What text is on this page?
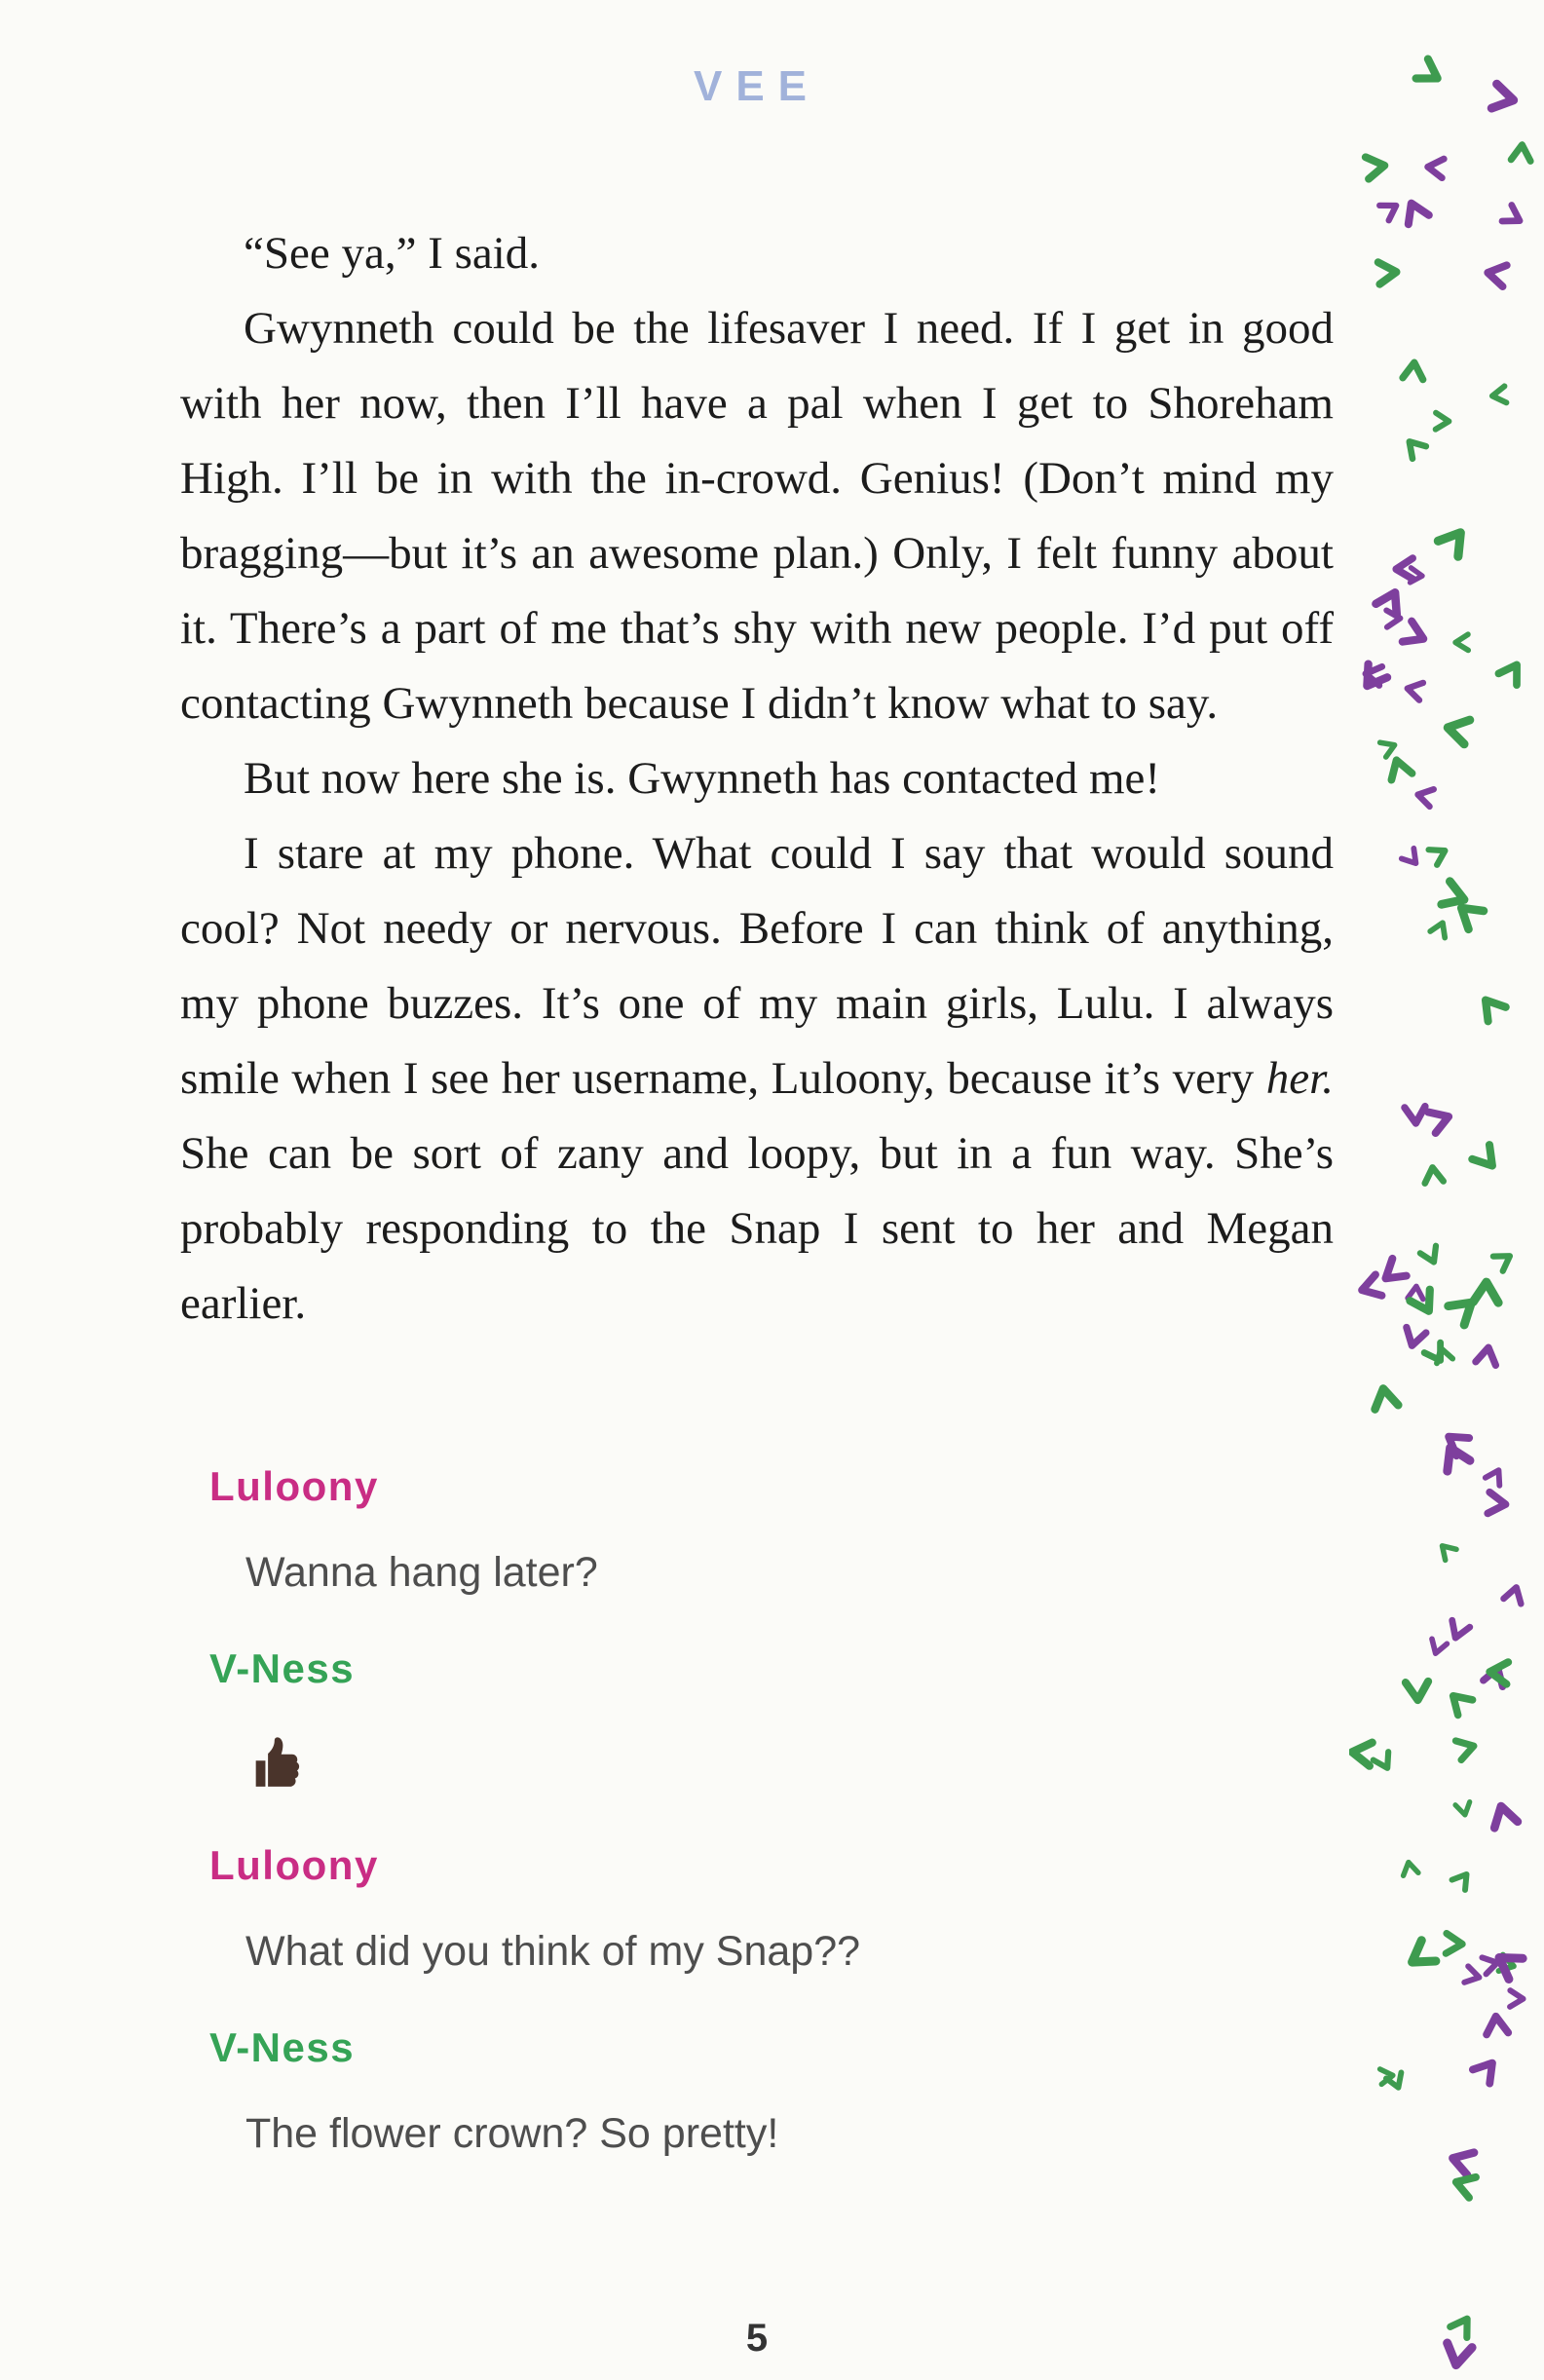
VEE

“See ya,” I said.

Gwynneth could be the lifesaver I need. If I get in good with her now, then I’ll have a pal when I get to Shoreham High. I’ll be in with the in-crowd. Genius! (Don’t mind my bragging—but it’s an awesome plan.) Only, I felt funny about it. There’s a part of me that’s shy with new people. I’d put off contacting Gwynneth because I didn’t know what to say.

But now here she is. Gwynneth has contacted me!

I stare at my phone. What could I say that would sound cool? Not needy or nervous. Before I can think of anything, my phone buzzes. It’s one of my main girls, Lulu. I always smile when I see her username, Luloony, because it’s very her. She can be sort of zany and loopy, but in a fun way. She’s probably responding to the Snap I sent to her and Megan earlier.

Luloony
Wanna hang later?
V-Ness
Luloony
What did you think of my Snap??
V-Ness
The flower crown? So pretty!
5
